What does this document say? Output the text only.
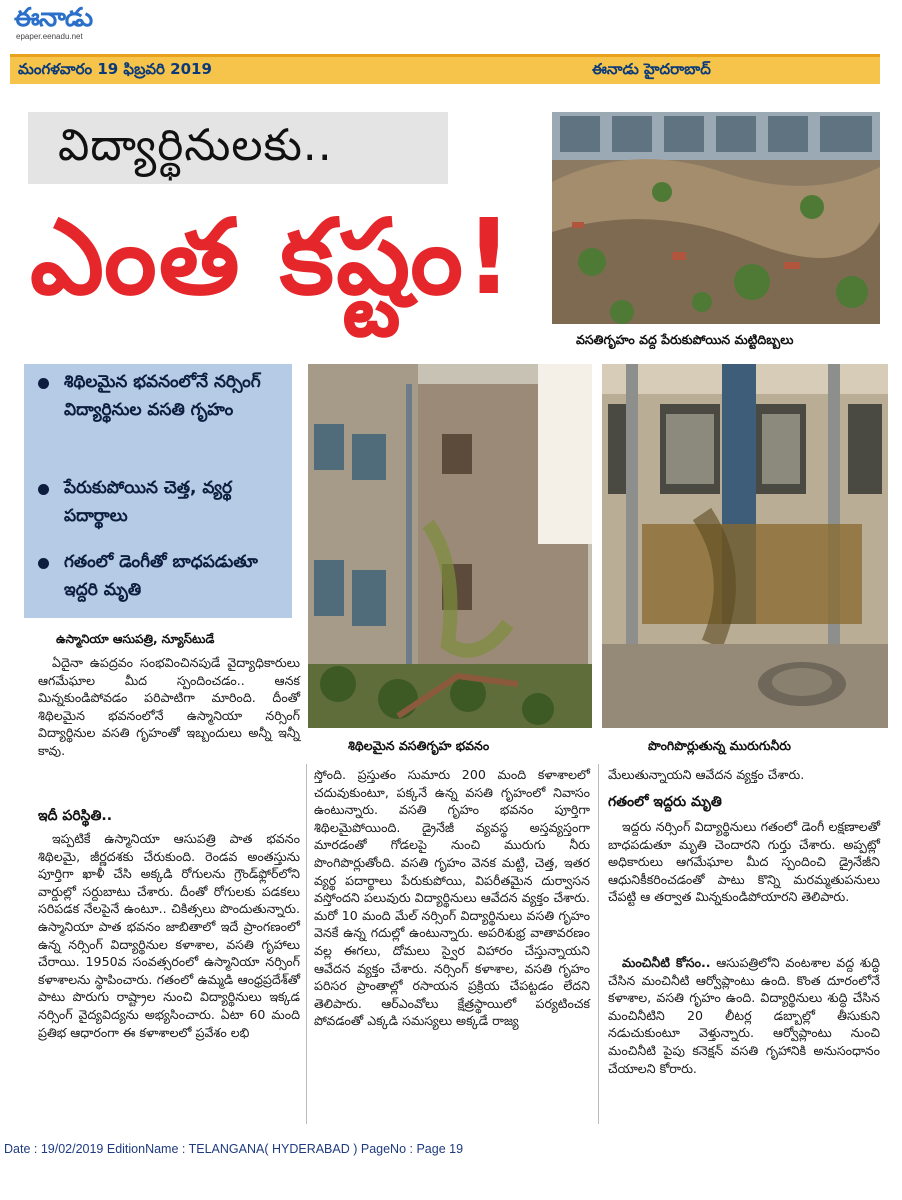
ఈనాడు
epaper.eenadu.net
మంగళవారం 19 ఫిబ్రవరి 2019	ఈనాడు హైదరాబాద్
విద్యార్థినులకు..
ఎంత కష్టం!
వసతిగృహం వద్ద పేరుకుపోయిన మట్టిదిబ్బలు
శిథిలమైన భవనంలోనే నర్సింగ్ విద్యార్థినుల వసతి గృహం
పేరుకుపోయిన చెత్త, వ్యర్థ పదార్థాలు
గతంలో డెంగీతో బాధపడుతూ ఇద్దరి మృతి
శిథిలమైన వసతిగృహ భవనం	పొంగిపొర్లుతున్న మురుగునీరు
ఉస్మానియా ఆసుపత్రి, న్యూస్‌టుడే

ఏదైనా ఉపద్రవం సంభవించినపుడే వైద్యాధికారులు ఆగమేఘాల మీద స్పందించడం.. ఆనక మిన్నకుండిపోవడం పరిపాటిగా మారింది. దీంతో శిథిలమైన భవనంలోనే ఉస్మానియా నర్సింగ్ విద్యార్థినుల వసతి గృహంతో ఇబ్బందులు అన్నీ ఇన్నీ కావు.

ఇదీ పరిస్థితి..

ఇప్పటికే ఉస్మానియా ఆసుపత్రి పాత భవనం శిథిలమై, జీర్ణదశకు చేరుకుంది. రెండవ అంతస్తును పూర్తిగా ఖాళీ చేసి అక్కడి రోగులను గ్రౌండ్‌ఫ్లోర్‌లోని వార్డుల్లో సర్దుబాటు చేశారు. దీంతో రోగులకు పడకలు సరిపడక నేలపైనే ఉంటూ.. చికిత్సలు పొందుతున్నారు. ఉస్మానియా పాత భవనం జాబితాలో ఇదే ప్రాంగణంలో ఉన్న నర్సింగ్ విద్యార్థినుల కళాశాల, వసతి గృహాలు చేరాయి. 1950వ సంవత్సరంలో ఉస్మానియా నర్సింగ్ కళాశాలను స్థాపించారు. గతంలో ఉమ్మడి ఆంధ్రప్రదేశ్‌తో పాటు పొరుగు రాష్ట్రాల నుంచి విద్యార్థినులు ఇక్కడ నర్సింగ్ వైద్యవిద్యను అభ్యసించారు. ఏటా 60 మంది ప్రతిభ ఆధారంగా ఈ కళాశాలలో ప్రవేశం లభి

స్తోంది. ప్రస్తుతం సుమారు 200 మంది కళాశాలలో చదువుకుంటూ, పక్కనే ఉన్న వసతి గృహంలో నివాసం ఉంటున్నారు. వసతి గృహం భవనం పూర్తిగా శిథిలమైపోయింది. డ్రైనేజీ వ్యవస్థ అస్తవ్యస్తంగా మారడంతో గోడలపై నుంచి మురుగు నీరు పొంగిపొర్లుతోంది. వసతి గృహం వెనక మట్టి, చెత్త, ఇతర వ్యర్థ పదార్థాలు పేరుకుపోయి, విపరీతమైన దుర్వాసన వస్తోందని పలువురు విద్యార్థినులు ఆవేదన వ్యక్తం చేశారు. మరో 10 మంది మేల్ నర్సింగ్ విద్యార్థినులు వసతి గృహం వెనకే ఉన్న గదుల్లో ఉంటున్నారు. అపరిశుభ్ర వాతావరణం వల్ల ఈగలు, దోమలు స్వైర విహారం చేస్తున్నాయని ఆవేదన వ్యక్తం చేశారు. నర్సింగ్ కళాశాల, వసతి గృహం పరిసర ప్రాంతాల్లో రసాయన ప్రక్రియ చేపట్టడం లేదని తెలిపారు. ఆర్‌ఎంవోలు క్షేత్రస్థాయిలో పర్యటించక పోవడంతో ఎక్కడి సమస్యలు అక్కడే రాజ్య

మేలుతున్నాయని ఆవేదన వ్యక్తం చేశారు.

గతంలో ఇద్దరు మృతి

ఇద్దరు నర్సింగ్ విద్యార్థినులు గతంలో డెంగీ లక్షణాలతో బాధపడుతూ మృతి చెందారని గుర్తు చేశారు. అప్పట్లో అధికారులు ఆగమేఘాల మీద స్పందించి డ్రైనేజీని ఆధునికీకరించడంతో పాటు కొన్ని మరమ్మతుపనులు చేపట్టి ఆ తర్వాత మిన్నకుండిపోయారని తెలిపారు.

మంచినీటి కోసం.. ఆసుపత్రిలోని వంటశాల వద్ద శుద్ధి చేసిన మంచినీటి ఆర్వోప్లాంటు ఉంది. కొంత దూరంలోనే కళాశాల, వసతి గృహం ఉంది. విద్యార్థినులు శుద్ధి చేసిన మంచినీటిని 20 లీటర్ల డబ్బాల్లో తీసుకుని నడుచుకుంటూ వెళ్తున్నారు. ఆర్వోప్లాంటు నుంచి మంచినీటి పైపు కనెక్షన్ వసతి గృహానికి అనుసంధానం చేయాలని కోరారు.

Date : 19/02/2019 EditionName : TELANGANA( HYDERABAD ) PageNo : Page 19
